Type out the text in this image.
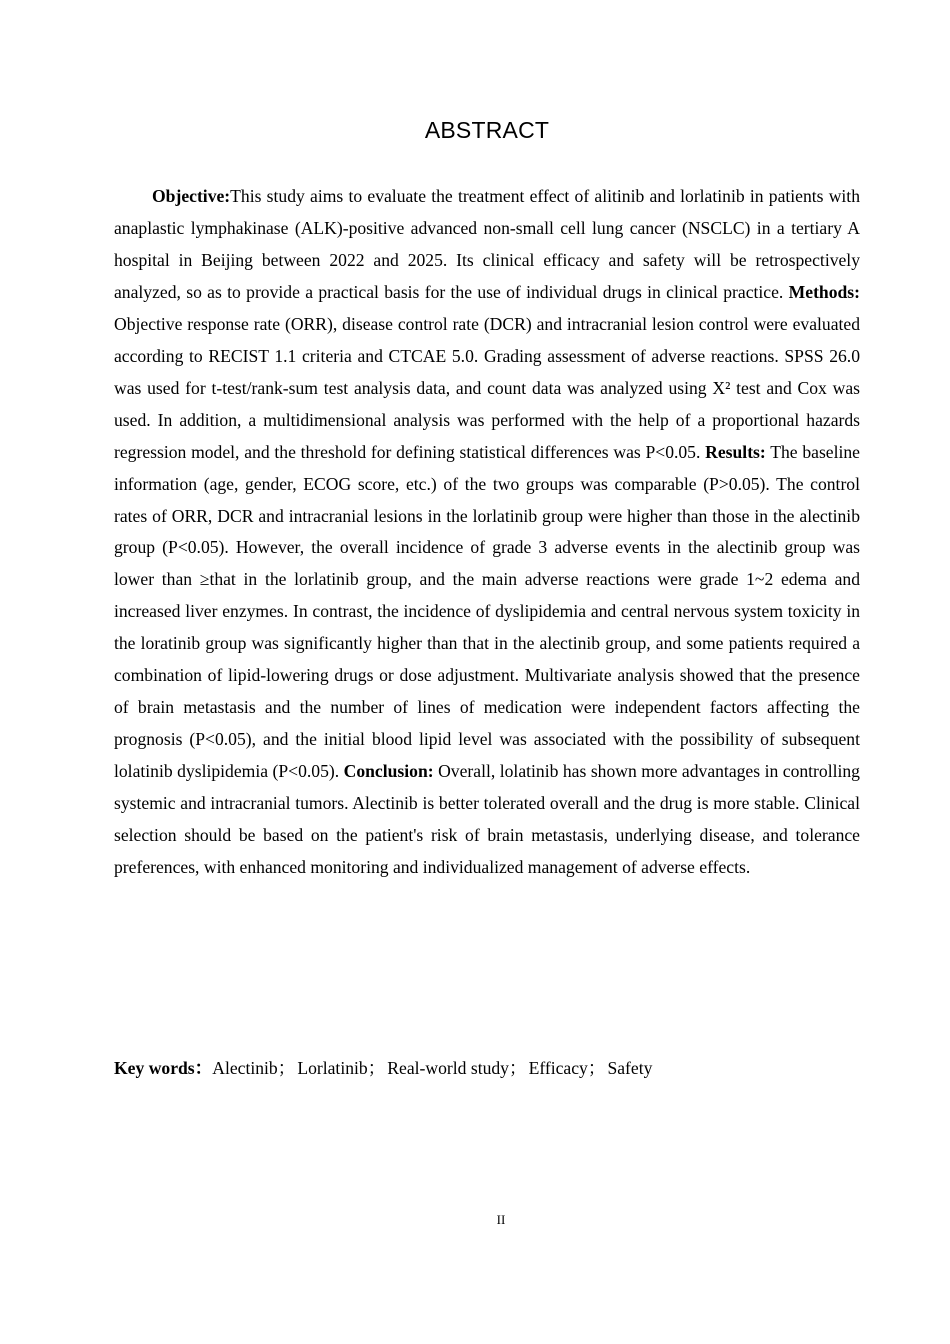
ABSTRACT

Objective:This study aims to evaluate the treatment effect of alitinib and lorlatinib in patients with anaplastic lymphakinase (ALK)-positive advanced non-small cell lung cancer (NSCLC) in a tertiary A hospital in Beijing between 2022 and 2025. Its clinical efficacy and safety will be retrospectively analyzed, so as to provide a practical basis for the use of individual drugs in clinical practice. Methods: Objective response rate (ORR), disease control rate (DCR) and intracranial lesion control were evaluated according to RECIST 1.1 criteria and CTCAE 5.0. Grading assessment of adverse reactions. SPSS 26.0 was used for t-test/rank-sum test analysis data, and count data was analyzed using X² test and Cox was used. In addition, a multidimensional analysis was performed with the help of a proportional hazards regression model, and the threshold for defining statistical differences was P<0.05. Results: The baseline information (age, gender, ECOG score, etc.) of the two groups was comparable (P>0.05). The control rates of ORR, DCR and intracranial lesions in the lorlatinib group were higher than those in the alectinib group (P<0.05). However, the overall incidence of grade 3 adverse events in the alectinib group was lower than ≥that in the lorlatinib group, and the main adverse reactions were grade 1~2 edema and increased liver enzymes. In contrast, the incidence of dyslipidemia and central nervous system toxicity in the loratinib group was significantly higher than that in the alectinib group, and some patients required a combination of lipid-lowering drugs or dose adjustment. Multivariate analysis showed that the presence of brain metastasis and the number of lines of medication were independent factors affecting the prognosis (P<0.05), and the initial blood lipid level was associated with the possibility of subsequent lolatinib dyslipidemia (P<0.05). Conclusion: Overall, lolatinib has shown more advantages in controlling systemic and intracranial tumors. Alectinib is better tolerated overall and the drug is more stable. Clinical selection should be based on the patient's risk of brain metastasis, underlying disease, and tolerance preferences, with enhanced monitoring and individualized management of adverse effects.

Key words：Alectinib； Lorlatinib； Real-world study； Efficacy； Safety

II
